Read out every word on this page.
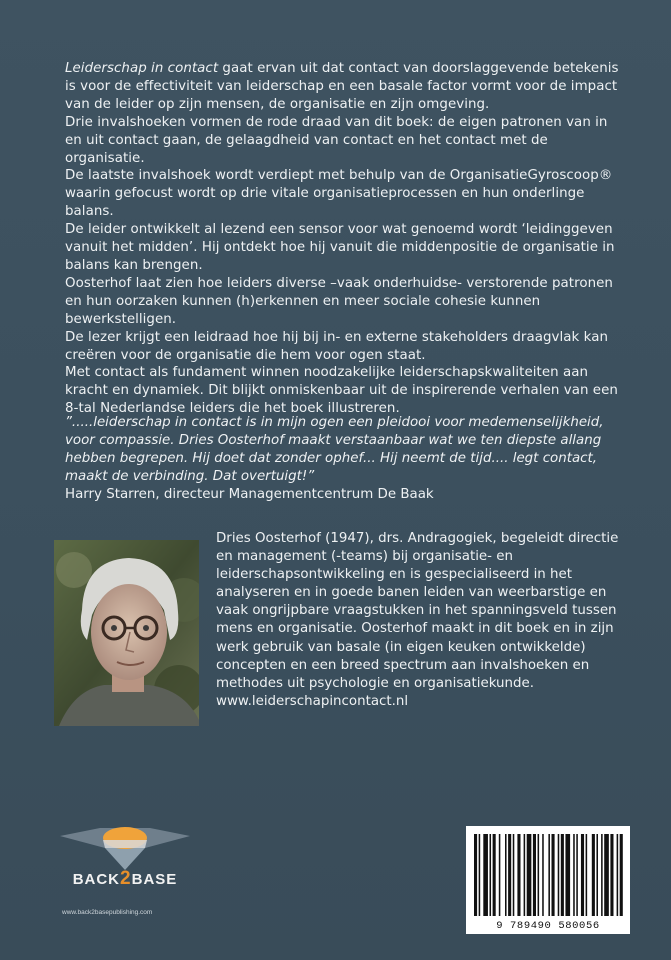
Leiderschap in contact gaat ervan uit dat contact van doorslaggevende betekenis is voor de effectiviteit van leiderschap en een basale factor vormt voor de impact van de leider op zijn mensen, de organisatie en zijn omgeving.

Drie invalshoeken vormen de rode draad van dit boek: de eigen patronen van in en uit contact gaan, de gelaagdheid van contact en het contact met de organisatie.

De laatste invalshoek wordt verdiept met behulp van de OrganisatieGyroscoop® waarin gefocust wordt op drie vitale organisatieprocessen en hun onderlinge balans.

De leider ontwikkelt al lezend een sensor voor wat genoemd wordt ‘leidinggeven vanuit het midden’. Hij ontdekt hoe hij vanuit die middenpositie de organisatie in balans kan brengen.

Oosterhof laat zien hoe leiders diverse –vaak onderhuidse- verstorende patronen en hun oorzaken kunnen (h)erkennen en meer sociale cohesie kunnen bewerkstelligen.

De lezer krijgt een leidraad hoe hij bij in- en externe stakeholders draagvlak kan creëren voor de organisatie die hem voor ogen staat.

Met contact als fundament winnen noodzakelijke leiderschapskwaliteiten aan kracht en dynamiek. Dit blijkt onmiskenbaar uit de inspirerende verhalen van een 8-tal Nederlandse leiders die het boek illustreren.

”.....leiderschap in contact is in mijn ogen een pleidooi voor medemenselijkheid, voor compassie. Dries Oosterhof maakt verstaanbaar wat we ten diepste allang hebben begrepen. Hij doet dat zonder ophef... Hij neemt de tijd.... legt contact, maakt de verbinding. Dat overtuigt!”

Harry Starren, directeur Managementcentrum De Baak

Dries Oosterhof (1947), drs. Andragogiek, begeleidt directie en management (-teams) bij organisatie- en leiderschapsontwikkeling en is gespecialiseerd in het analyseren en in goede banen leiden van weerbarstige en vaak ongrijpbare vraagstukken in het spanningsveld tussen mens en organisatie. Oosterhof maakt in dit boek en in zijn werk gebruik van basale (in eigen keuken ontwikkelde) concepten en een breed spectrum aan invalshoeken en methodes uit psychologie en organisatiekunde.

www.leiderschapincontact.nl

BACK2BASE
www.back2basepublishing.com
9 789490 580056
